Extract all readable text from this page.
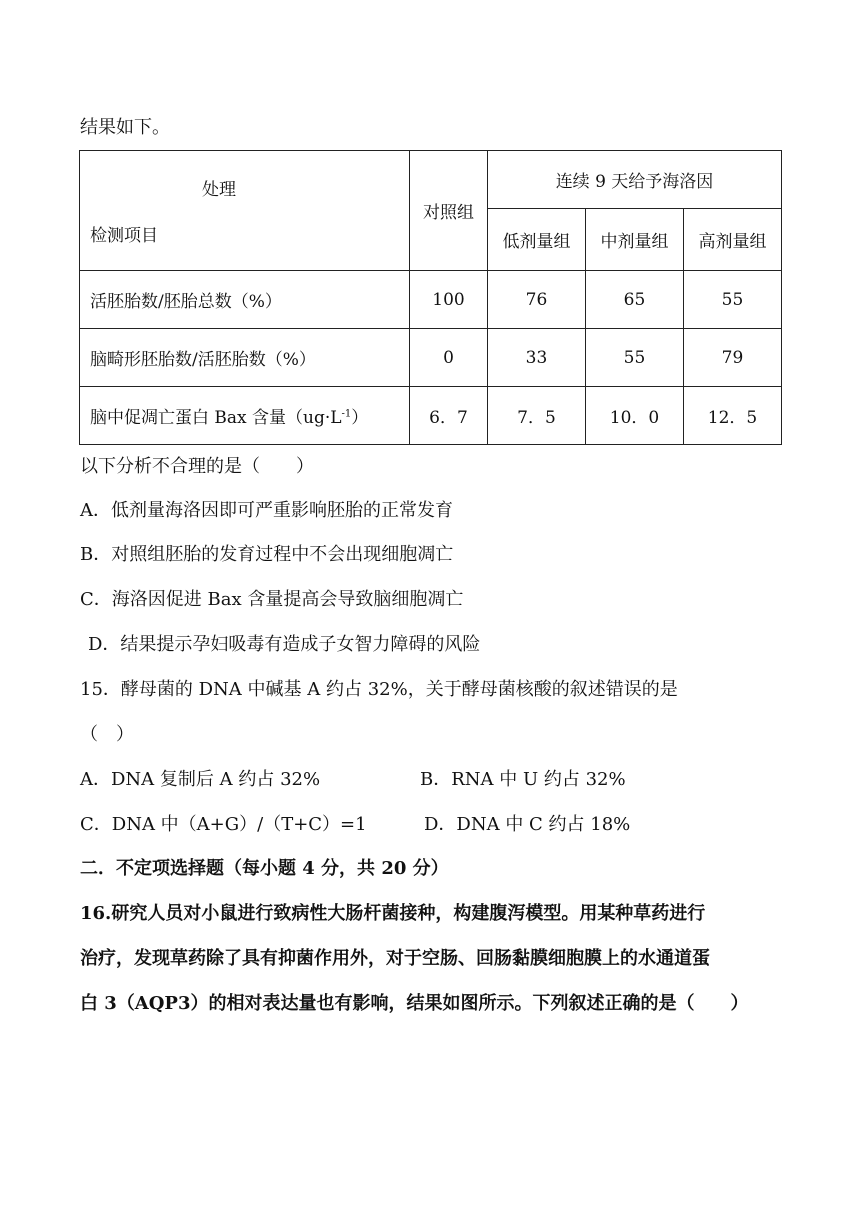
结果如下。
处理
检测项目	对照组	连续 9 天给予海洛因		
		低剂量组	中剂量组	高剂量组
活胚胎数/胚胎总数（%）	100	76	65	55
脑畸形胚胎数/活胚胎数（%）	0	33	55	79
脑中促凋亡蛋白 Bax 含量$(ug\cdot L^{-1})$	6．7	7．5	10．0	12．5
以下分析不合理的是（　　）
A．低剂量海洛因即可严重影响胚胎的正常发育
B．对照组胚胎的发育过程中不会出现细胞凋亡
C．海洛因促进 Bax 含量提高会导致脑细胞凋亡
D．结果提示孕妇吸毒有造成子女智力障碍的风险
15．酵母菌的 DNA 中碱基 A 约占 32%，关于酵母菌核酸的叙述错误的是
（　）
A．DNA 复制后 A 约占 32%	B．RNA 中 U 约占 32%
C．DNA 中（A+G）/（T+C）=1	D．DNA 中 C 约占 18%
二．不定项选择题（每小题 4 分，共 20 分）
16.研究人员对小鼠进行致病性大肠杆菌接种，构建腹泻模型。用某种草药进行
治疗，发现草药除了具有抑菌作用外，对于空肠、回肠黏膜细胞膜上的水通道蛋
白 3（AQP3）的相对表达量也有影响，结果如图所示。下列叙述正确的是（　　）
